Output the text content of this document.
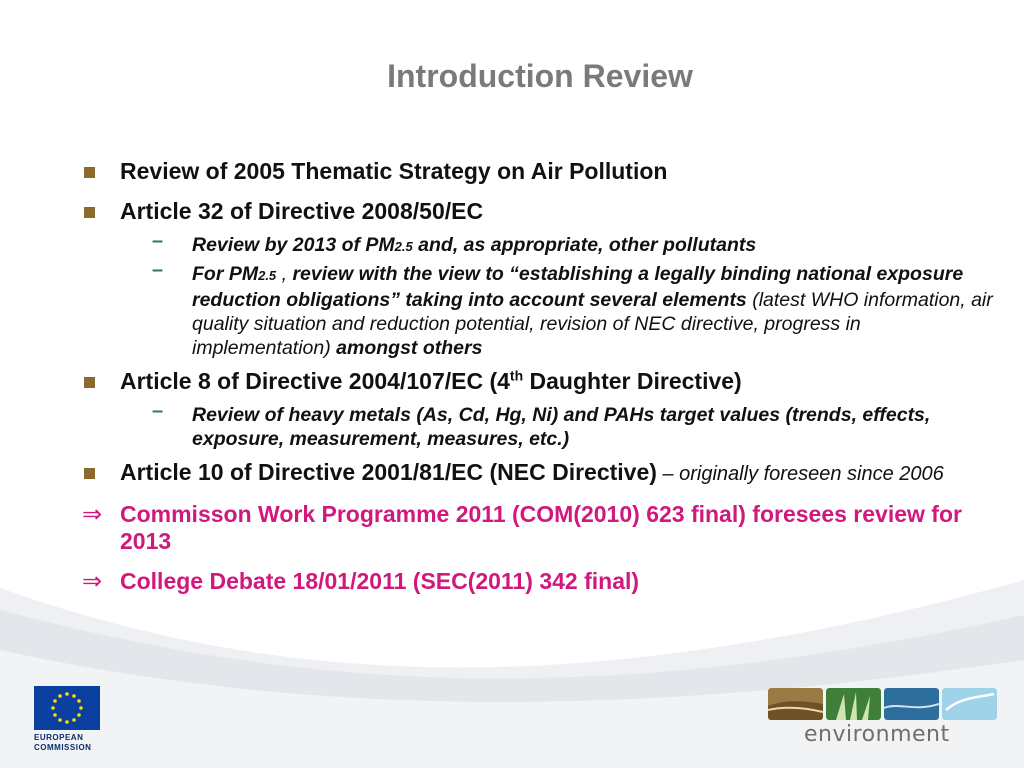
Introduction Review
Review of 2005 Thematic Strategy on Air Pollution
Article 32 of Directive 2008/50/EC
– Review by 2013 of PM2.5 and, as appropriate, other pollutants
– For PM2.5 , review with the view to “establishing a legally binding national exposure reduction obligations” taking into account several elements (latest WHO information, air quality situation and reduction potential, revision of NEC directive, progress in implementation) amongst others
Article 8 of Directive 2004/107/EC (4th Daughter Directive)
– Review of heavy metals (As, Cd, Hg, Ni) and PAHs target values (trends, effects, exposure, measurement, measures, etc.)
Article 10 of Directive 2001/81/EC (NEC Directive) – originally foreseen since 2006
⇒ Commisson Work Programme 2011 (COM(2010) 623 final) foresees review for 2013
⇒ College Debate 18/01/2011 (SEC(2011) 342 final)
EUROPEAN
COMMISSION
environment
